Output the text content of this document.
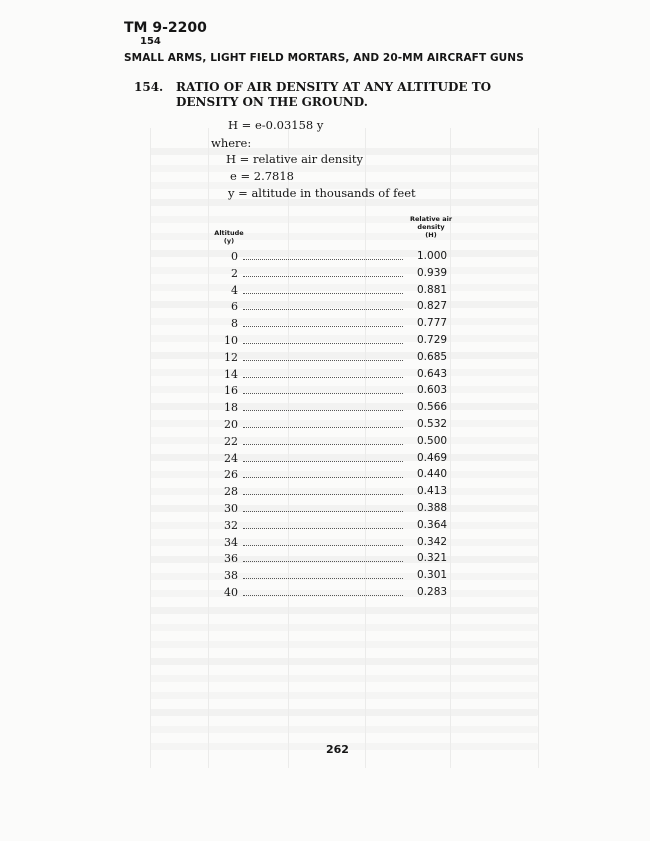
TM 9-2200
154
SMALL ARMS, LIGHT FIELD MORTARS, AND 20-MM AIRCRAFT GUNS
154. RATIO OF AIR DENSITY AT ANY ALTITUDE TO
DENSITY ON THE GROUND.
H = e-0.03158 y
where:
H = relative air density
e = 2.7818
y = altitude in thousands of feet
Altitude
(y)
Relative air
density
(H)
0	1.000
2	0.939
4	0.881
6	0.827
8	0.777
10	0.729
12	0.685
14	0.643
16	0.603
18	0.566
20	0.532
22	0.500
24	0.469
26	0.440
28	0.413
30	0.388
32	0.364
34	0.342
36	0.321
38	0.301
40	0.283
262
